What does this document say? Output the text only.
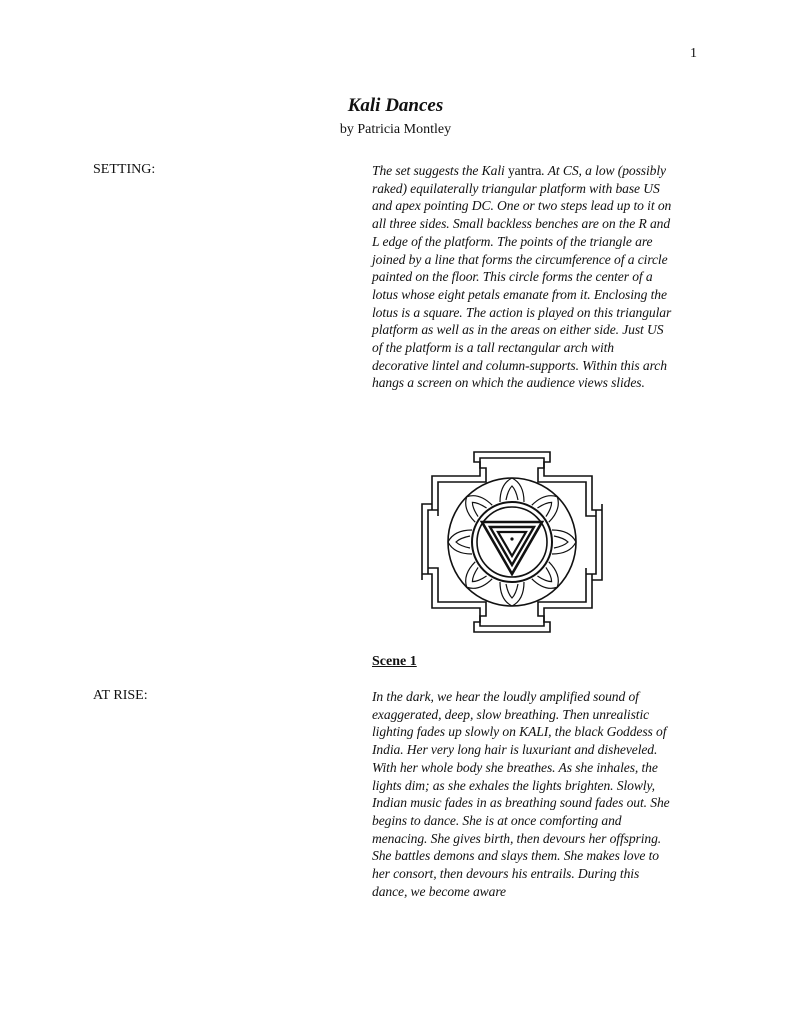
1
Kali Dances
by Patricia Montley
SETTING:	The set suggests the Kali yantra. At CS, a low (possibly raked) equilaterally triangular platform with base US and apex pointing DC. One or two steps lead up to it on all three sides. Small backless benches are on the R and L edge of the platform. The points of the triangle are joined by a line that forms the circumference of a circle painted on the floor. This circle forms the center of a lotus whose eight petals emanate from it. Enclosing the lotus is a square. The action is played on this triangular platform as well as in the areas on either side. Just US of the platform is a tall rectangular arch with decorative lintel and column-supports. Within this arch hangs a screen on which the audience views slides.
Scene 1
AT RISE:	In the dark, we hear the loudly amplified sound of exaggerated, deep, slow breathing. Then unrealistic lighting fades up slowly on KALI, the black Goddess of India. Her very long hair is luxuriant and disheveled. With her whole body she breathes. As she inhales, the lights dim; as she exhales the lights brighten. Slowly, Indian music fades in as breathing sound fades out. She begins to dance. She is at once comforting and menacing. She gives birth, then devours her offspring. She battles demons and slays them. She makes love to her consort, then devours his entrails. During this dance, we become aware
